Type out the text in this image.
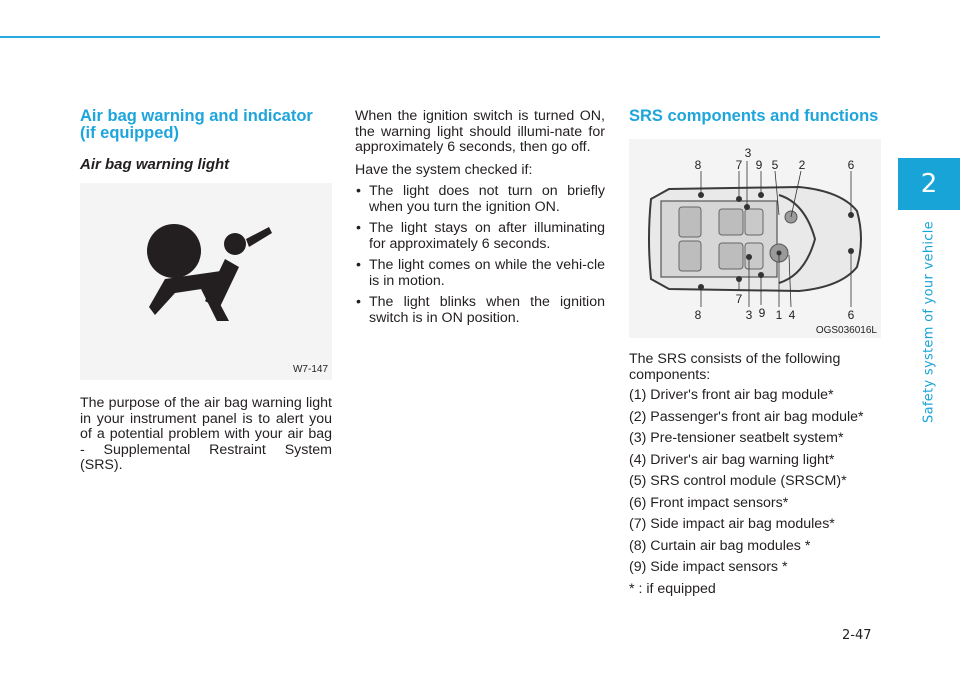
2
Safety system of your vehicle
Air bag warning and indicator
(if equipped)
Air bag warning light
W7-147

The purpose of the air bag warning light in your instrument panel is to alert you of a potential problem with your air bag - Supplemental Restraint System (SRS).

When the ignition switch is turned ON, the warning light should illumi-nate for approximately 6 seconds, then go off.

Have the system checked if:

• The light does not turn on briefly when you turn the ignition ON.
• The light stays on after illuminating for approximately 6 seconds.
• The light comes on while the vehi-cle is in motion.
• The light blinks when the ignition switch is in ON position.
SRS components and functions
8	7 9 5 2	6
3
8
7
3 9 1 4	6
OGS036016L

The SRS consists of the following components:

(1) Driver's front air bag module*
(2) Passenger's front air bag module*
(3) Pre-tensioner seatbelt system*
(4) Driver's air bag warning light*
(5) SRS control module (SRSCM)*
(6) Front impact sensors*
(7) Side impact air bag modules*
(8) Curtain air bag modules *
(9) Side impact sensors *
* : if equipped
2-47
